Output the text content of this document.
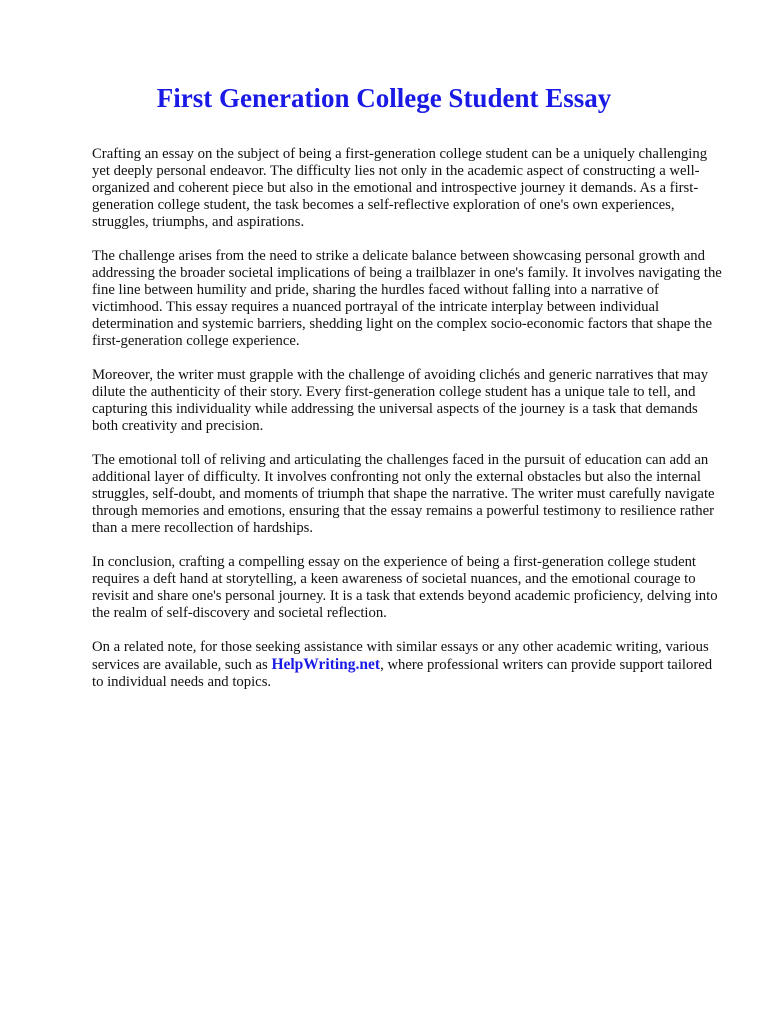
First Generation College Student Essay

Crafting an essay on the subject of being a first-generation college student can be a uniquely challenging yet deeply personal endeavor. The difficulty lies not only in the academic aspect of constructing a well-organized and coherent piece but also in the emotional and introspective journey it demands. As a first-generation college student, the task becomes a self-reflective exploration of one's own experiences, struggles, triumphs, and aspirations.

The challenge arises from the need to strike a delicate balance between showcasing personal growth and addressing the broader societal implications of being a trailblazer in one's family. It involves navigating the fine line between humility and pride, sharing the hurdles faced without falling into a narrative of victimhood. This essay requires a nuanced portrayal of the intricate interplay between individual determination and systemic barriers, shedding light on the complex socio-economic factors that shape the first-generation college experience.

Moreover, the writer must grapple with the challenge of avoiding clichés and generic narratives that may dilute the authenticity of their story. Every first-generation college student has a unique tale to tell, and capturing this individuality while addressing the universal aspects of the journey is a task that demands both creativity and precision.

The emotional toll of reliving and articulating the challenges faced in the pursuit of education can add an additional layer of difficulty. It involves confronting not only the external obstacles but also the internal struggles, self-doubt, and moments of triumph that shape the narrative. The writer must carefully navigate through memories and emotions, ensuring that the essay remains a powerful testimony to resilience rather than a mere recollection of hardships.

In conclusion, crafting a compelling essay on the experience of being a first-generation college student requires a deft hand at storytelling, a keen awareness of societal nuances, and the emotional courage to revisit and share one's personal journey. It is a task that extends beyond academic proficiency, delving into the realm of self-discovery and societal reflection.

On a related note, for those seeking assistance with similar essays or any other academic writing, various services are available, such as HelpWriting.net, where professional writers can provide support tailored to individual needs and topics.
